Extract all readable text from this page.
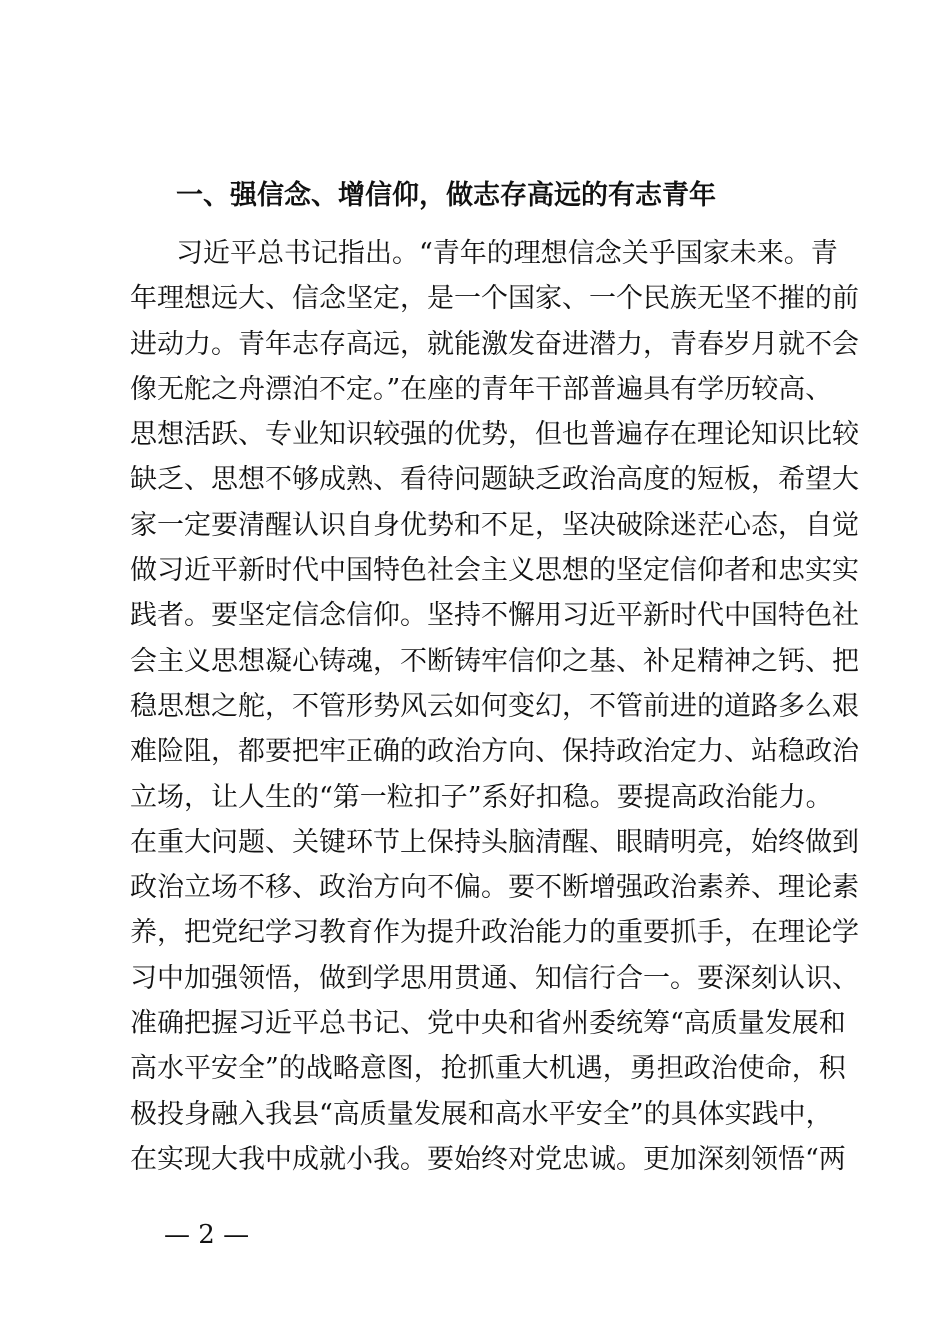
一、强信念、增信仰，做志存高远的有志青年
习近平总书记指出。“青年的理想信念关乎国家未来。青
年理想远大、信念坚定，是一个国家、一个民族无坚不摧的前
进动力。青年志存高远，就能激发奋进潜力，青春岁月就不会
像无舵之舟漂泊不定。”在座的青年干部普遍具有学历较高、
思想活跃、专业知识较强的优势，但也普遍存在理论知识比较
缺乏、思想不够成熟、看待问题缺乏政治高度的短板，希望大
家一定要清醒认识自身优势和不足，坚决破除迷茫心态，自觉
做习近平新时代中国特色社会主义思想的坚定信仰者和忠实实
践者。要坚定信念信仰。坚持不懈用习近平新时代中国特色社
会主义思想凝心铸魂，不断铸牢信仰之基、补足精神之钙、把
稳思想之舵，不管形势风云如何变幻，不管前进的道路多么艰
难险阻，都要把牢正确的政治方向、保持政治定力、站稳政治
立场，让人生的“第一粒扣子”系好扣稳。要提高政治能力。
在重大问题、关键环节上保持头脑清醒、眼睛明亮，始终做到
政治立场不移、政治方向不偏。要不断增强政治素养、理论素
养，把党纪学习教育作为提升政治能力的重要抓手，在理论学
习中加强领悟，做到学思用贯通、知信行合一。要深刻认识、
准确把握习近平总书记、党中央和省州委统筹“高质量发展和
高水平安全”的战略意图，抢抓重大机遇，勇担政治使命，积
极投身融入我县“高质量发展和高水平安全”的具体实践中，
在实现大我中成就小我。要始终对党忠诚。更加深刻领悟“两
— 2 —
